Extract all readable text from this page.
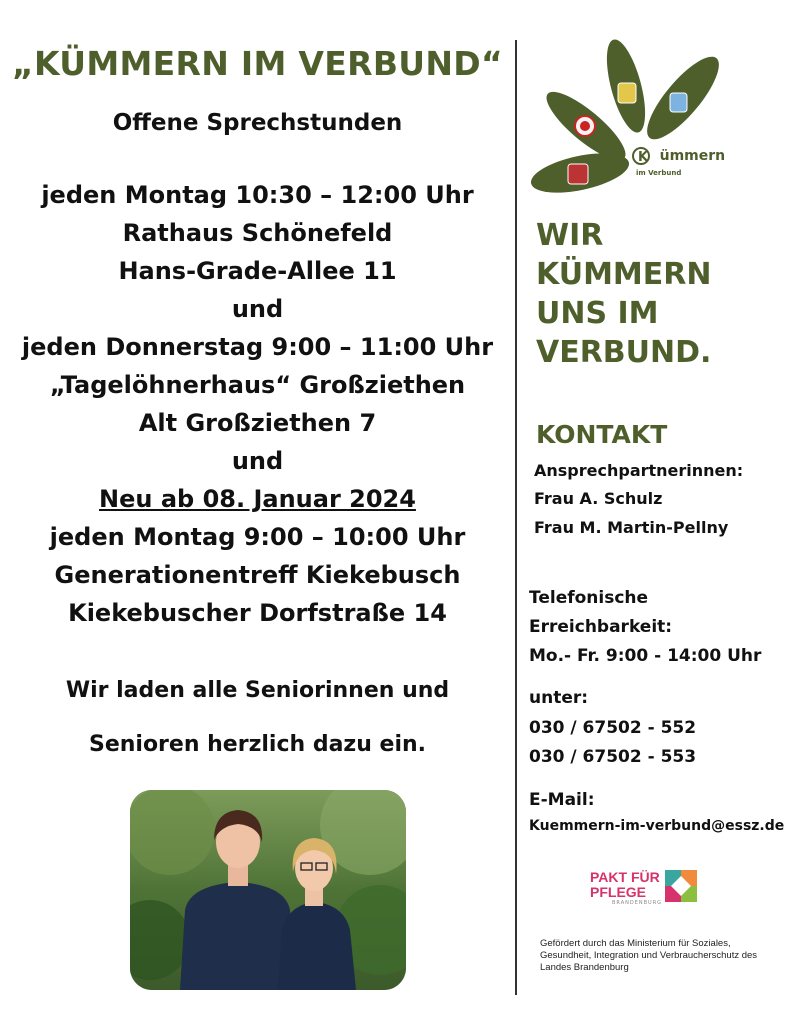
„KÜMMERN IM VERBUND“
Offene Sprechstunden
jeden Montag 10:30 – 12:00 Uhr
Rathaus Schönefeld
Hans-Grade-Allee 11
und
jeden Donnerstag 9:00 – 11:00 Uhr
„Tagelöhnerhaus“ Großziethen
Alt Großziethen 7
und
Neu ab 08. Januar 2024
jeden Montag 9:00 – 10:00 Uhr
Generationentreff Kiekebusch
Kiekebuscher Dorfstraße 14
Wir laden alle Seniorinnen und
Senioren herzlich dazu ein.
K ümmern
im Verbund
WIR
KÜMMERN
UNS IM
VERBUND.
KONTAKT
Ansprechpartnerinnen:
Frau A. Schulz
Frau M. Martin-Pellny
Telefonische
Erreichbarkeit:
Mo.- Fr. 9:00 - 14:00 Uhr
unter:
030 / 67502 - 552
030 / 67502 - 553
E-Mail:
Kuemmern-im-verbund@essz.de
PAKT FÜR
PFLEGE
BRANDENBURG
Gefördert durch das Ministerium für Soziales, Gesundheit, Integration und Verbraucherschutz des Landes Brandenburg
